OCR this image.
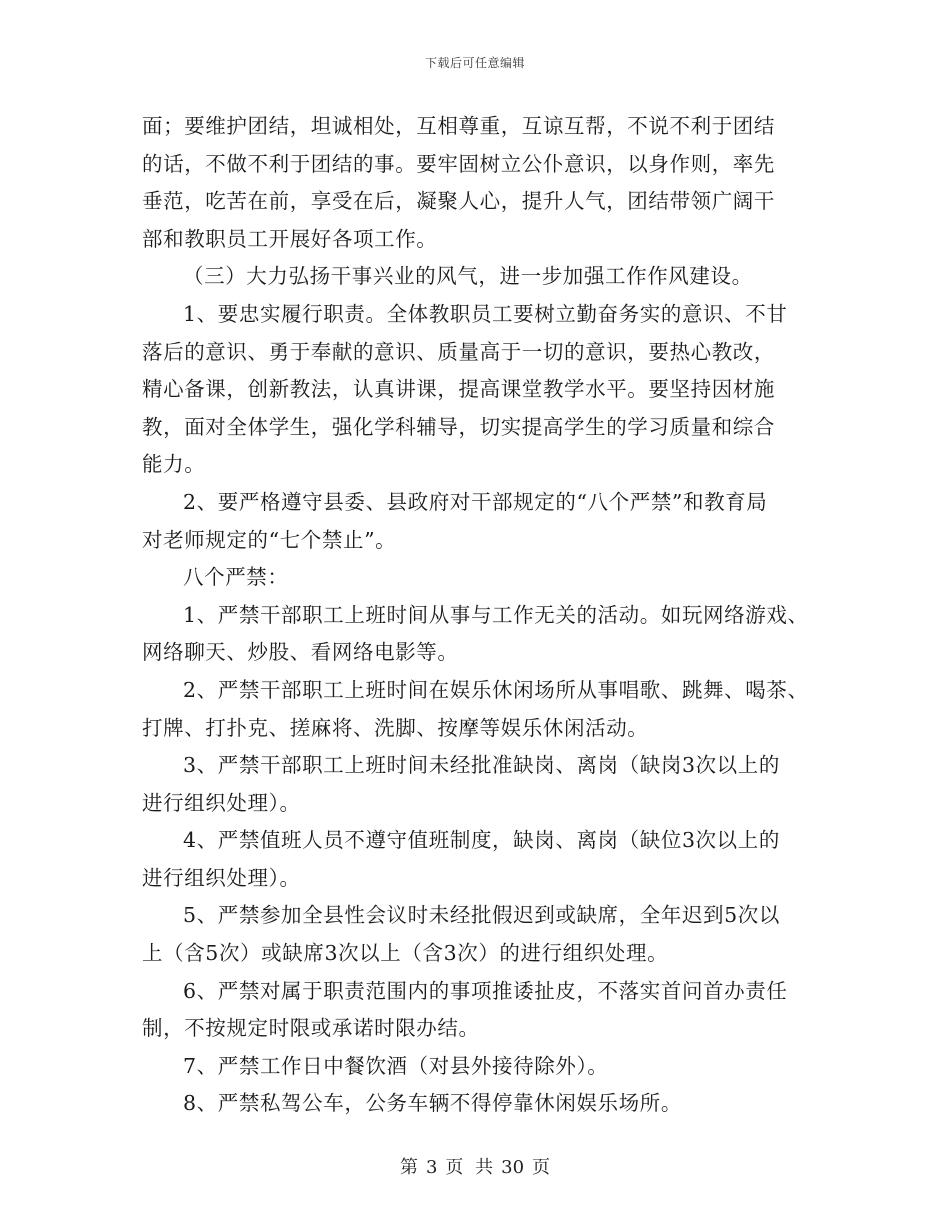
下载后可任意编辑

面；要维护团结，坦诚相处，互相尊重，互谅互帮，不说不利于团结
的话，不做不利于团结的事。要牢固树立公仆意识，以身作则，率先
垂范，吃苦在前，享受在后，凝聚人心，提升人气，团结带领广阔干
部和教职员工开展好各项工作。

（三）大力弘扬干事兴业的风气，进一步加强工作作风建设。

1、要忠实履行职责。全体教职员工要树立勤奋务实的意识、不甘
落后的意识、勇于奉献的意识、质量高于一切的意识，要热心教改，
精心备课，创新教法，认真讲课，提高课堂教学水平。要坚持因材施
教，面对全体学生，强化学科辅导，切实提高学生的学习质量和综合
能力。

2、要严格遵守县委、县政府对干部规定的“八个严禁”和教育局
对老师规定的“七个禁止”。

八个严禁：

1、严禁干部职工上班时间从事与工作无关的活动。如玩网络游戏、
网络聊天、炒股、看网络电影等。

2、严禁干部职工上班时间在娱乐休闲场所从事唱歌、跳舞、喝茶、
打牌、打扑克、搓麻将、洗脚、按摩等娱乐休闲活动。

3、严禁干部职工上班时间未经批准缺岗、离岗（缺岗3次以上的
进行组织处理）。

4、严禁值班人员不遵守值班制度，缺岗、离岗（缺位3次以上的
进行组织处理）。

5、严禁参加全县性会议时未经批假迟到或缺席，全年迟到5次以
上（含5次）或缺席3次以上（含3次）的进行组织处理。

6、严禁对属于职责范围内的事项推诿扯皮，不落实首问首办责任
制，不按规定时限或承诺时限办结。

7、严禁工作日中餐饮酒（对县外接待除外）。

8、严禁私驾公车，公务车辆不得停靠休闲娱乐场所。

第 3 页 共 30 页
